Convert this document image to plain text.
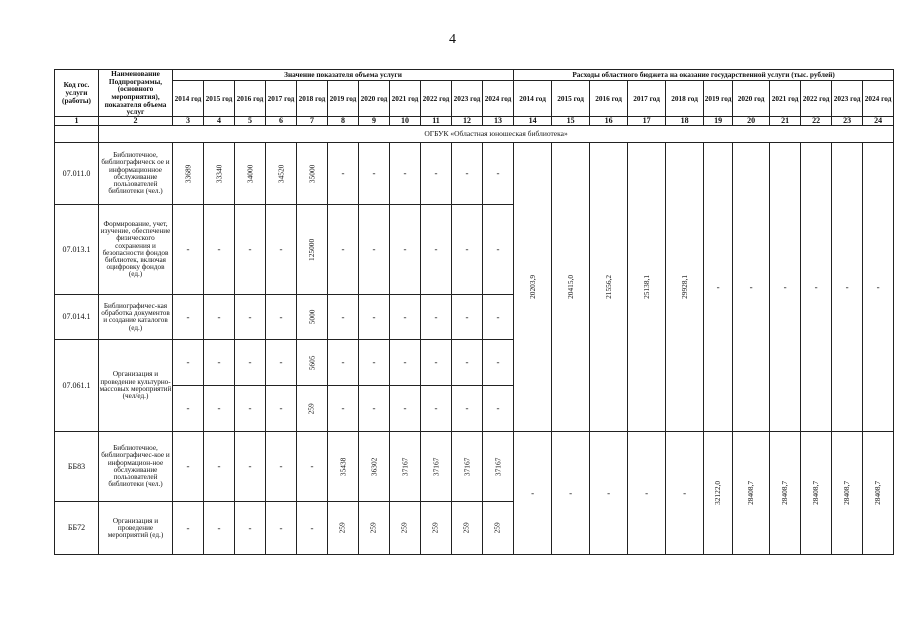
4
Код гос. услуги (работы)	Наименование Подпрограммы, (основного мероприятия), показателя объема услуг	Значение показателя объема услуги											Расходы областного бюджета на оказание государственной услуги (тыс. рублей)										
		2014 год	2015 год	2016 год	2017 год	2018 год	2019 год	2020 год	2021 год	2022 год	2023 год	2024 год	2014 год	2015 год	2016 год	2017 год	2018 год	2019 год	2020 год	2021 год	2022 год	2023 год	2024 год
1	2	3	4	5	6	7	8	9	10	11	12	13	14	15	16	17	18	19	20	21	22	23	24
	ОГБУК «Областная юношеская библиотека»																						
07.011.0	Библиотечное, библиографическ ое и информационное обслуживание пользователей библиотеки (чел.)	33689	33340	34000	34520	35000	-	-	-	-	-	-	20203,9	20415,0	21556,2	25138,1	29928,1	-	-	-	-	-	-
07.013.1	Формирование, учет, изучение, обеспечение физического сохранения и безопасности фондов библиотек, включая оцифровку фондов (ед.)	-	-	-	-	125000	-	-	-	-	-	-											
07.014.1	Библиографичес-кая обработка документов и создание каталогов (ед.)	-	-	-	-	5000	-	-	-	-	-	-											
07.061.1	Организация и проведение культурно-массовых мероприятий (чел/ед.)	-	-	-	-	5605	-	-	-	-	-	-											
		-	-	-	-	259	-	-	-	-	-	-											
ББ83	Библиотечное, библиографичес-кое и информацион-ное обслуживание пользователей библиотеки (чел.)	-	-	-	-	-	35438	36302	37167	37167	37167	37167	-	-	-	-	-	32122,0	28408,7	28408,7	28408,7	28408,7	28408,7
ББ72	Организация и проведение мероприятий (ед.)	-	-	-	-	-	259	259	259	259	259	259											
